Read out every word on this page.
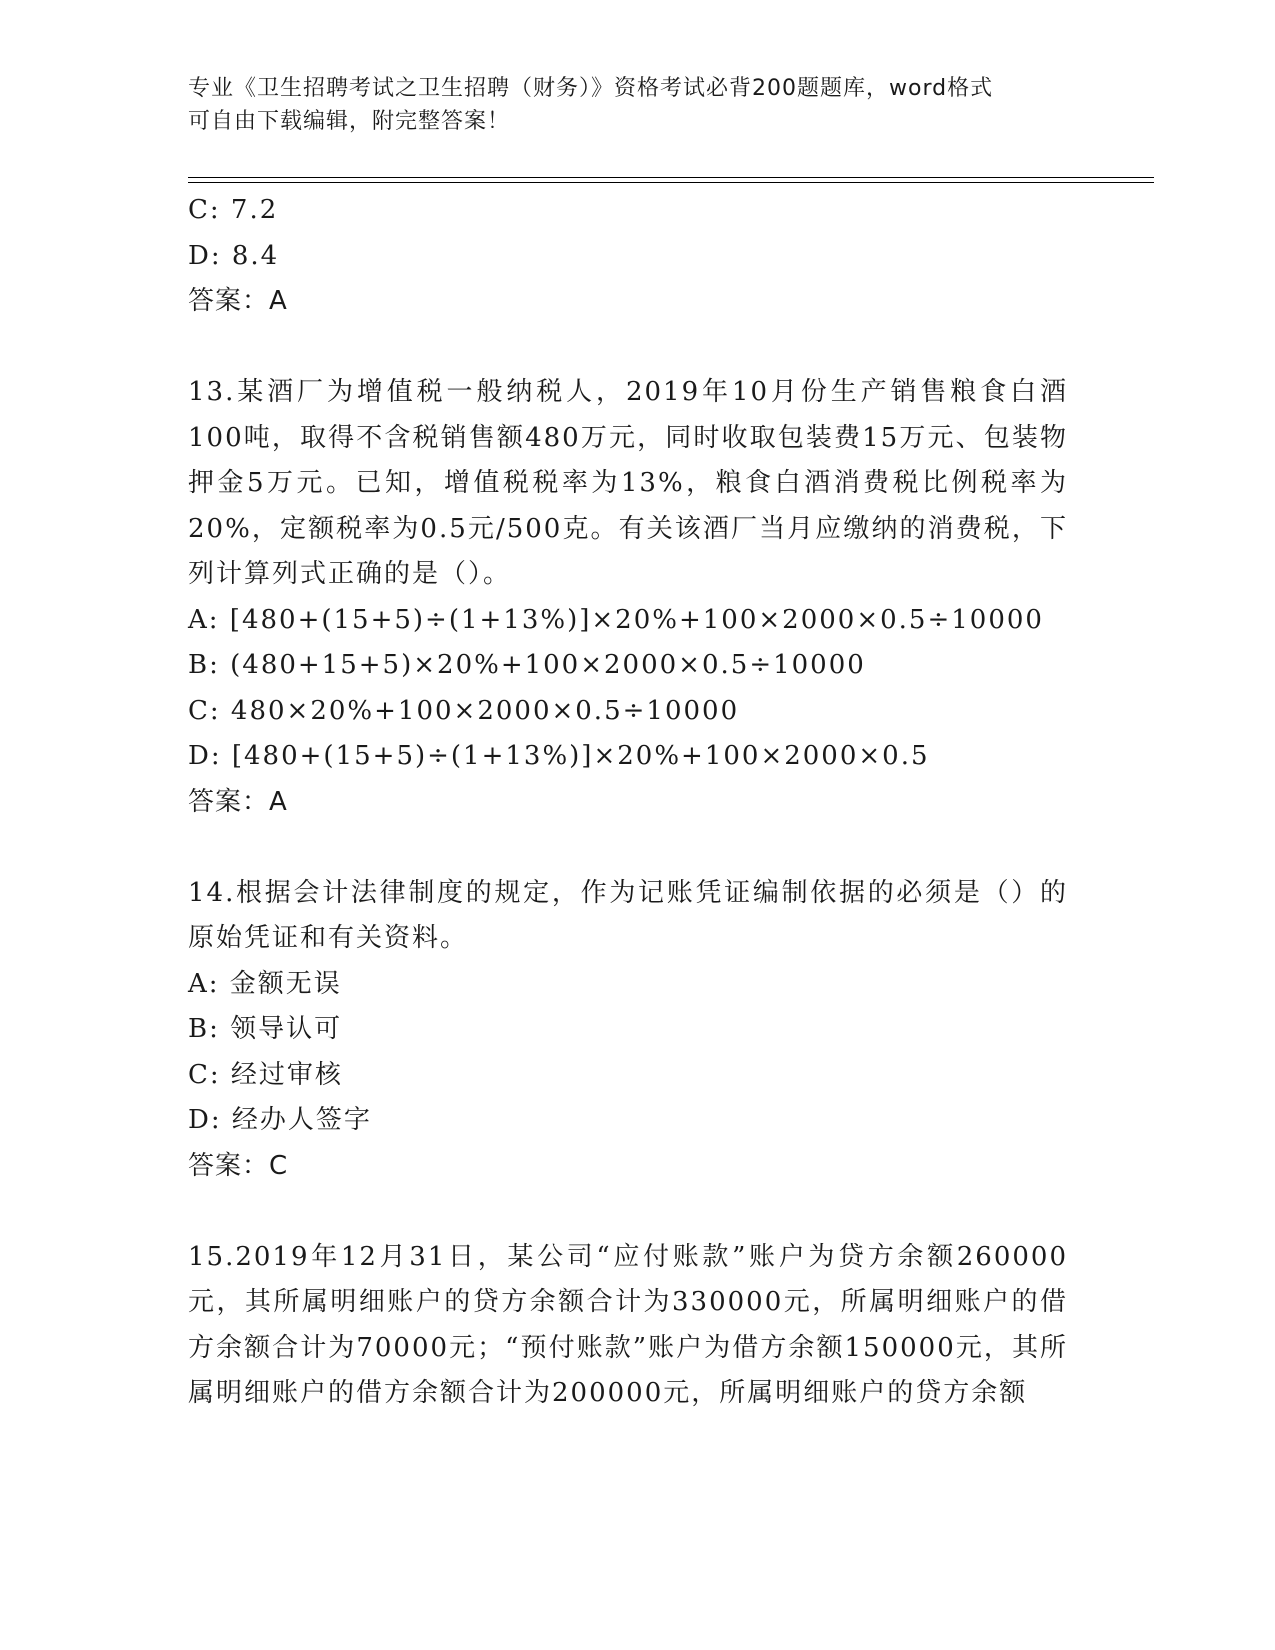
专业《卫生招聘考试之卫生招聘（财务）》资格考试必背200题题库，word格式
可自由下载编辑，附完整答案！
C: 7.2
D: 8.4
答案：A
13.某酒厂为增值税一般纳税人，2019年10月份生产销售粮食白酒100吨，取得不含税销售额480万元，同时收取包装费15万元、包装物押金5万元。已知，增值税税率为13%，粮食白酒消费税比例税率为20%，定额税率为0.5元/500克。有关该酒厂当月应缴纳的消费税，下列计算列式正确的是（）。
A: [480+(15+5)÷(1+13%)]×20%+100×2000×0.5÷10000
B: (480+15+5)×20%+100×2000×0.5÷10000
C: 480×20%+100×2000×0.5÷10000
D: [480+(15+5)÷(1+13%)]×20%+100×2000×0.5
答案：A
14.根据会计法律制度的规定，作为记账凭证编制依据的必须是（）的原始凭证和有关资料。
A: 金额无误
B: 领导认可
C: 经过审核
D: 经办人签字
答案：C
15.2019年12月31日，某公司“应付账款”账户为贷方余额260000元，其所属明细账户的贷方余额合计为330000元，所属明细账户的借方余额合计为70000元；“预付账款”账户为借方余额150000元，其所属明细账户的借方余额合计为200000元，所属明细账户的贷方余额
